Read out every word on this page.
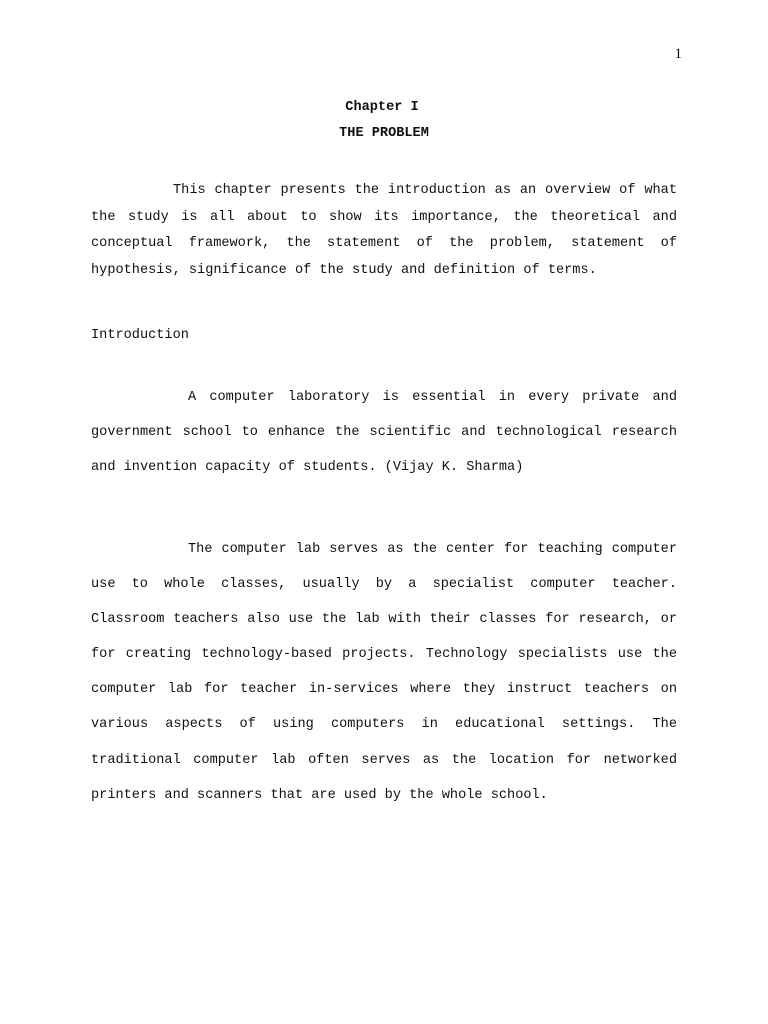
1
Chapter I
THE PROBLEM

This chapter presents the introduction as an overview of what the study is all about to show its importance, the theoretical and conceptual framework, the statement of the problem, statement of hypothesis, significance of the study and definition of terms.

Introduction

A computer laboratory is essential in every private and government school to enhance the scientific and technological research and invention capacity of students. (Vijay K. Sharma)

The computer lab serves as the center for teaching computer use to whole classes, usually by a specialist computer teacher. Classroom teachers also use the lab with their classes for research, or for creating technology-based projects. Technology specialists use the computer lab for teacher in-services where they instruct teachers on various aspects of using computers in educational settings. The traditional computer lab often serves as the location for networked printers and scanners that are used by the whole school.
